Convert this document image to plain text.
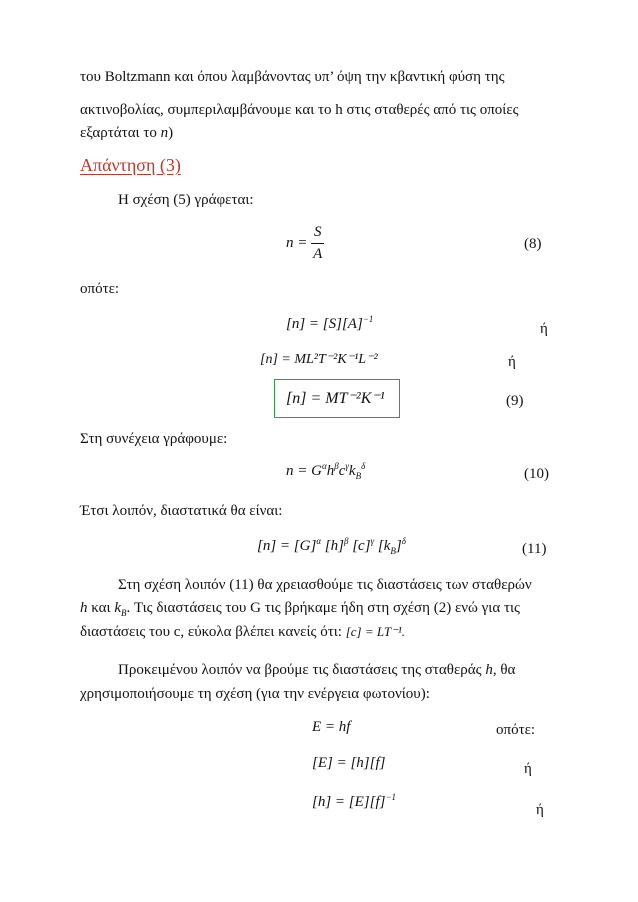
του Boltzmann και όπου λαμβάνοντας υπ’ όψη την κβαντική φύση της
ακτινοβολίας, συμπεριλαμβάνουμε και το h στις σταθερές από τις οποίες
εξαρτάται το n)
Απάντηση (3)
Η σχέση (5) γράφεται:
$n = \frac{S}{A}$	(8)
οπότε:
$[n] = [S][A]^{-1}$
ή
[n] = ML²T⁻²K⁻¹L⁻²	ή
[n] = MT⁻²K⁻¹	(9)
Στη συνέχεια γράφουμε:
$n = G^\alpha h^\beta c^\gamma k_B^\delta$	(10)
Έτσι λοιπόν, διαστατικά θα είναι:
$[n] = [G]^\alpha$ $[h]^\beta$ $[c]^\gamma$ $[k_B]^\delta$	(11)
Στη σχέση λοιπόν (11) θα χρειασθούμε τις διαστάσεις των σταθερών
h και $k_B$. Τις διαστάσεις του G τις βρήκαμε ήδη στη σχέση (2) ενώ για τις
διαστάσεις του c, εύκολα βλέπει κανείς ότι: [c] = LT⁻¹.
Προκειμένου λοιπόν να βρούμε τις διαστάσεις της σταθεράς h, θα
χρησιμοποιήσουμε τη σχέση (για την ενέργεια φωτονίου):
E = hf	οπότε:
[E] = [h][f]	ή
$[h] = [E][f]^{-1}$
ή
